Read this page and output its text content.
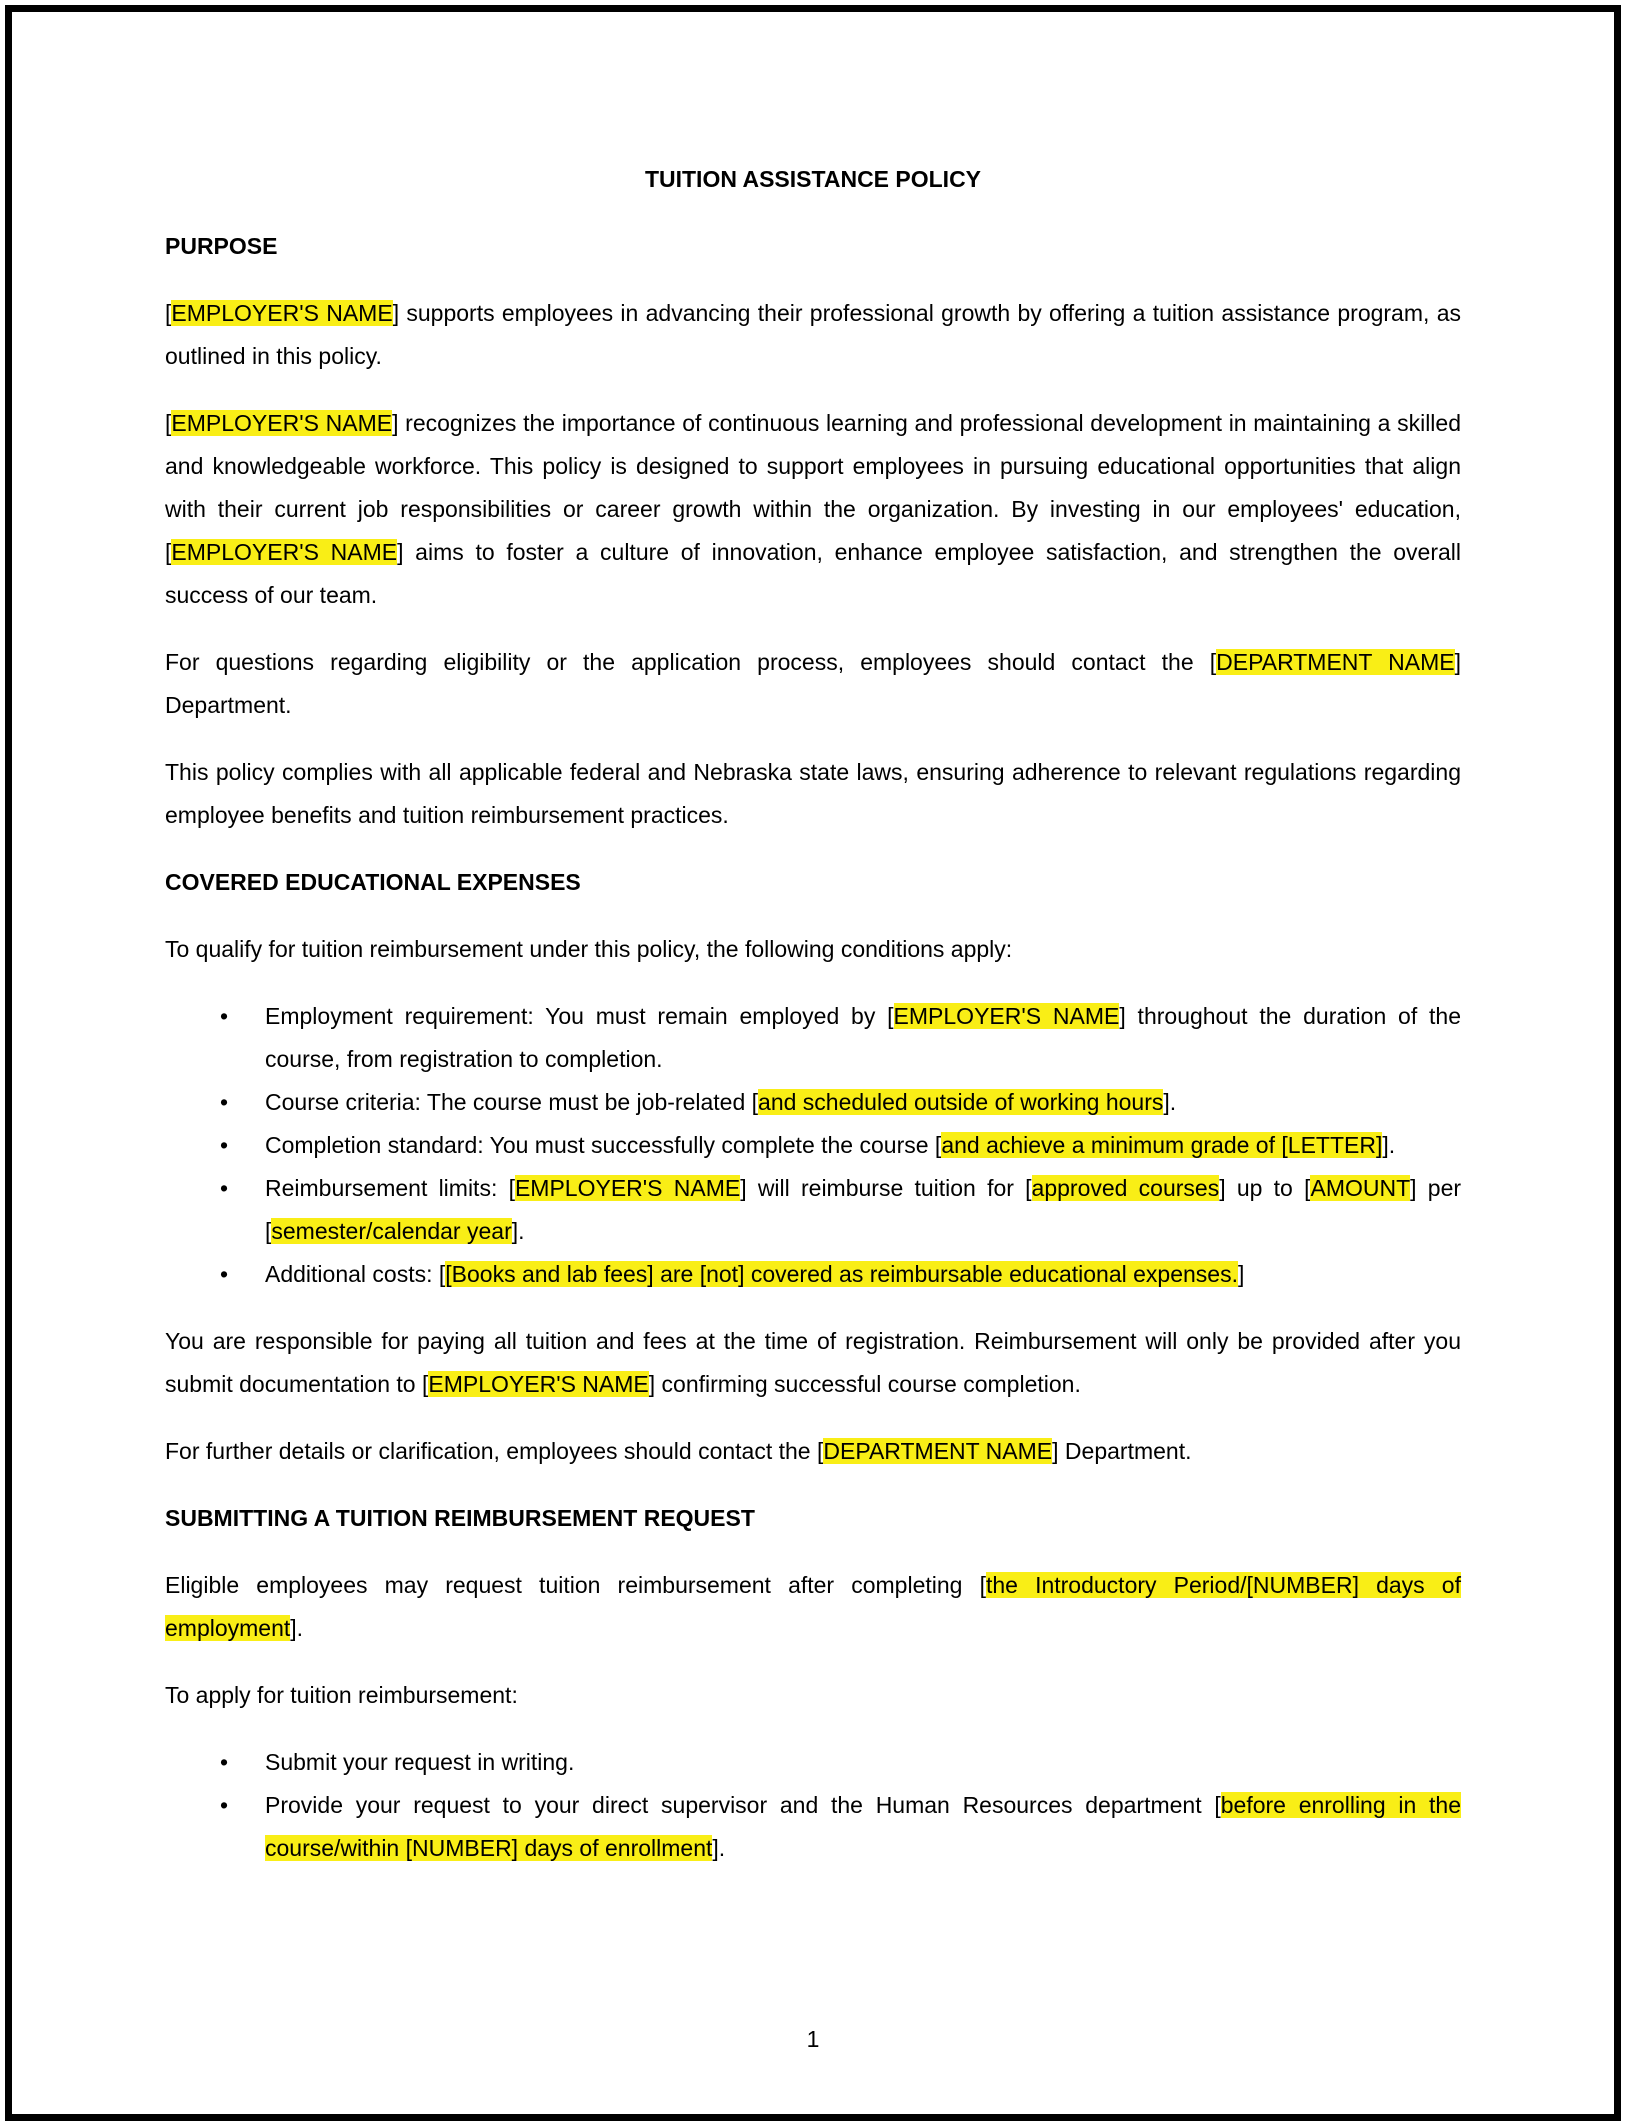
TUITION ASSISTANCE POLICY
PURPOSE

[EMPLOYER'S NAME] supports employees in advancing their professional growth by offering a tuition assistance program, as outlined in this policy.

[EMPLOYER'S NAME] recognizes the importance of continuous learning and professional development in maintaining a skilled and knowledgeable workforce. This policy is designed to support employees in pursuing educational opportunities that align with their current job responsibilities or career growth within the organization. By investing in our employees' education, [EMPLOYER'S NAME] aims to foster a culture of innovation, enhance employee satisfaction, and strengthen the overall success of our team.

For questions regarding eligibility or the application process, employees should contact the [DEPARTMENT NAME] Department.

This policy complies with all applicable federal and Nebraska state laws, ensuring adherence to relevant regulations regarding employee benefits and tuition reimbursement practices.

COVERED EDUCATIONAL EXPENSES

To qualify for tuition reimbursement under this policy, the following conditions apply:

• Employment requirement: You must remain employed by [EMPLOYER'S NAME] throughout the duration of the course, from registration to completion.
• Course criteria: The course must be job-related [and scheduled outside of working hours].
• Completion standard: You must successfully complete the course [and achieve a minimum grade of [LETTER]].
• Reimbursement limits: [EMPLOYER'S NAME] will reimburse tuition for [approved courses] up to [AMOUNT] per [semester/calendar year].
• Additional costs: [[Books and lab fees] are [not] covered as reimbursable educational expenses.]

You are responsible for paying all tuition and fees at the time of registration. Reimbursement will only be provided after you submit documentation to [EMPLOYER'S NAME] confirming successful course completion.

For further details or clarification, employees should contact the [DEPARTMENT NAME] Department.

SUBMITTING A TUITION REIMBURSEMENT REQUEST

Eligible employees may request tuition reimbursement after completing [the Introductory Period/[NUMBER] days of employment].

To apply for tuition reimbursement:

• Submit your request in writing.
• Provide your request to your direct supervisor and the Human Resources department [before enrolling in the course/within [NUMBER] days of enrollment].
1
